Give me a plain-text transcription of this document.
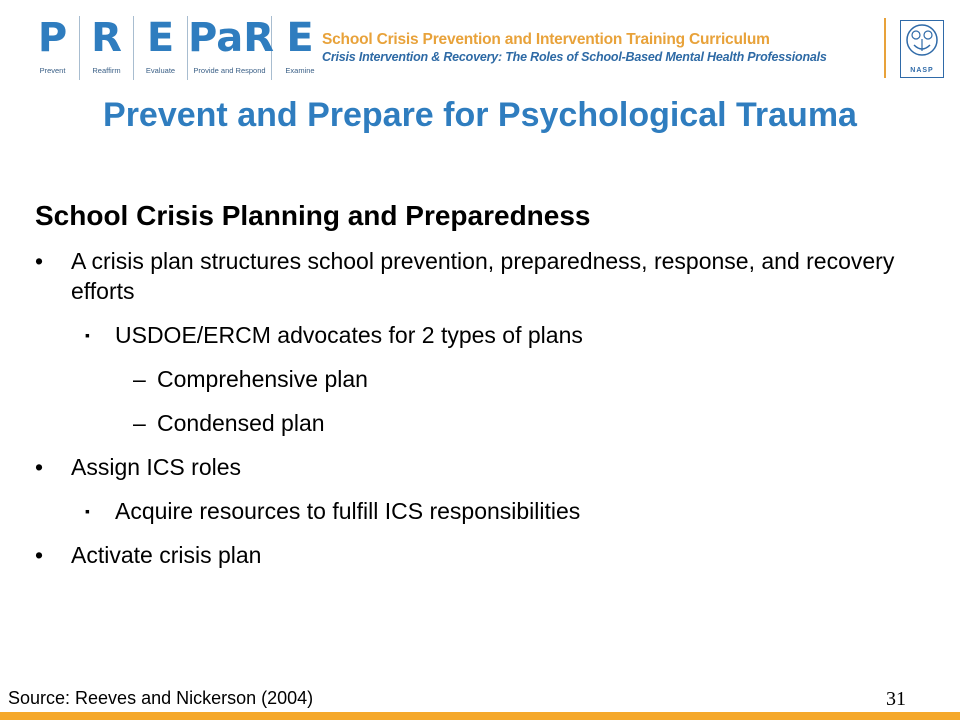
P
Prevent
R
Reaffirm
E
Evaluate
PaR
Provide and Respond
E
Examine
School Crisis Prevention and Intervention Training Curriculum
Crisis Intervention & Recovery: The Roles of School-Based Mental Health Professionals
NASP
Prevent and Prepare for Psychological Trauma
School Crisis Planning and Preparedness
• A crisis plan structures school prevention, preparedness, response, and recovery efforts
▪ USDOE/ERCM advocates for 2 types of plans
– Comprehensive plan
– Condensed plan
• Assign ICS roles
▪ Acquire resources to fulfill ICS responsibilities
• Activate crisis plan
Source: Reeves and Nickerson (2004)	31
